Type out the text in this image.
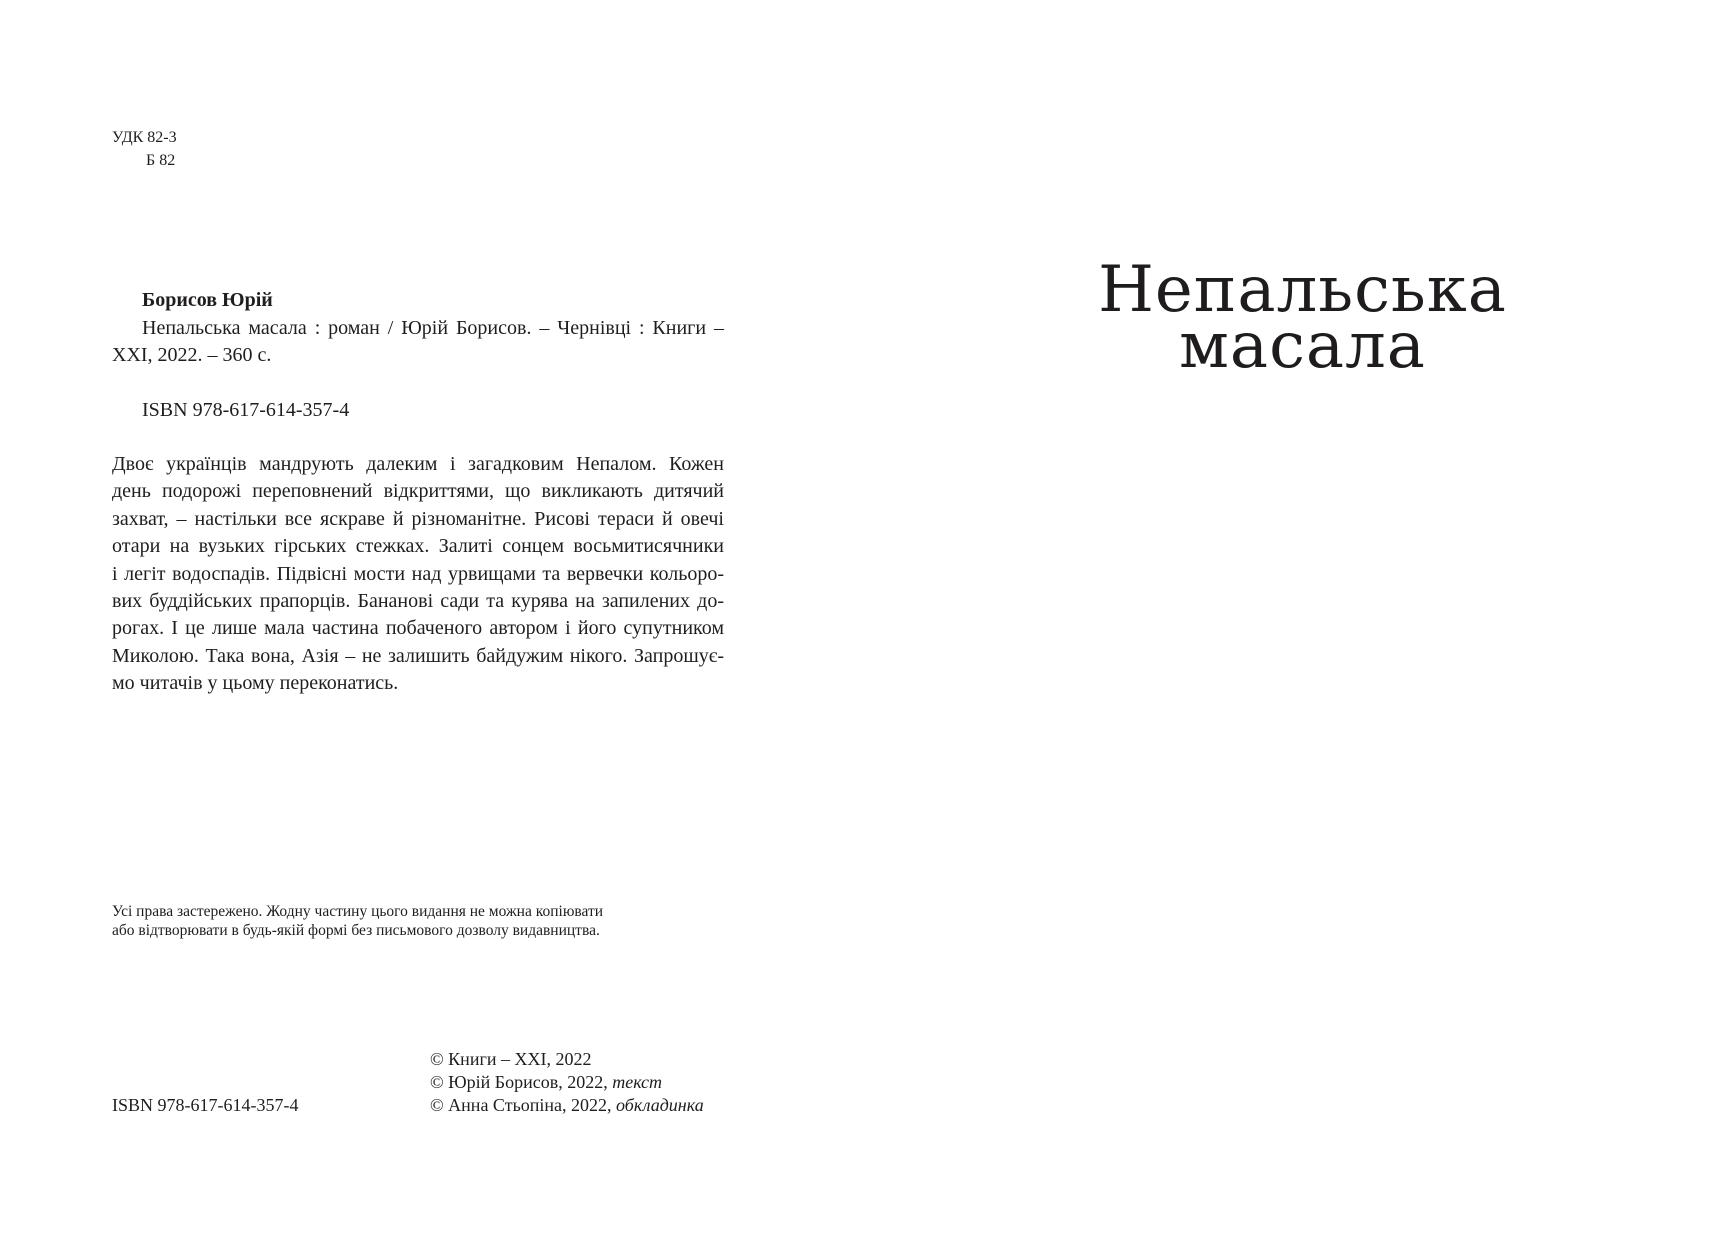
УДК 82-3
Б 82
Борисов Юрій
Непальська масала : роман / Юрій Борисов. – Чернівці : Книги – XXI, 2022. – 360 с.
ISBN 978-617-614-357-4
Двоє українців мандрують далеким і загадковим Непалом. Кожен
день подорожі переповнений відкриттями, що викликають дитячий
захват, – настільки все яскраве й різноманітне. Рисові тераси й овечі
отари на вузьких гірських стежках. Залиті сонцем восьмитисячники
і легіт водоспадів. Підвісні мости над урвищами та вервечки кольоро-
вих буддійських прапорців. Бананові сади та курява на запилених до-
рогах. І це лише мала частина побаченого автором і його супутником
Миколою. Така вона, Азія – не залишить байдужим нікого. Запрошує-
мо читачів у цьому переконатись.
Усі права застережено. Жодну частину цього видання не можна копіювати
або відтворювати в будь-якій формі без письмового дозволу видавництва.
ISBN 978-617-614-357-4
© Книги – XXI, 2022
© Юрій Борисов, 2022, текст
© Анна Стьопіна, 2022, обкладинка
Непальська
масала
